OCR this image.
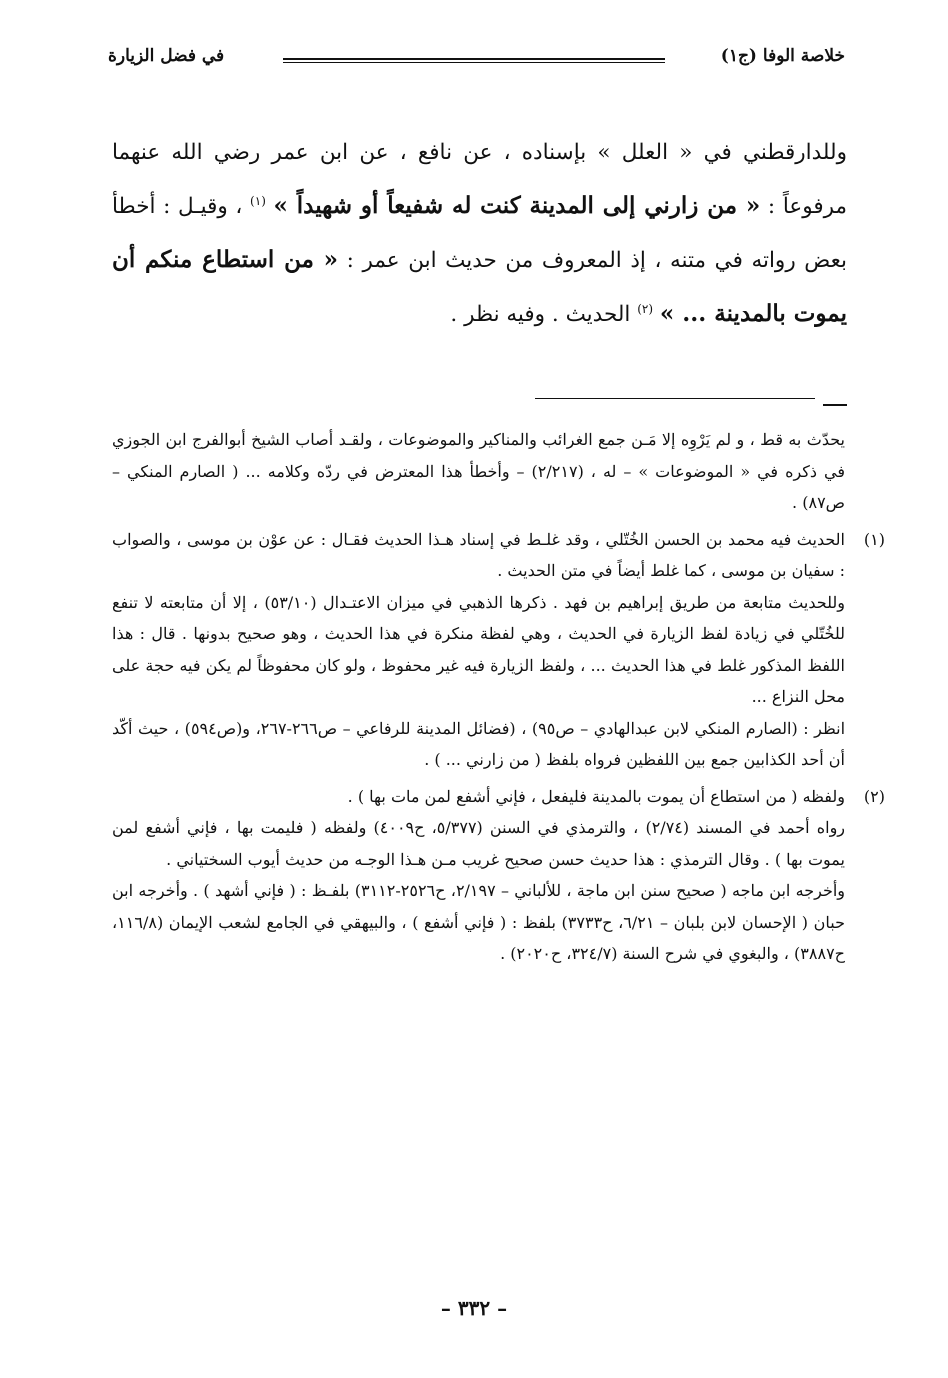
خلاصة الوفا (ج١)
في فضل الزيارة

وللدارقطني في « العلل » بإسناده ، عن نافع ، عن ابن عمر رضي الله عنهما مرفوعاً : « من زارني إلى المدينة كنت له شفيعاً أو شهيداً » $^{(١)}$ ، وقيـل : أخطأ بعض رواته في متنه ، إذ المعروف من حديث ابن عمر : « من استطاع منكم أن يموت بالمدينة ... » $^{(٢)}$ الحديث . وفيه نظر .

يحدّث به قط ، و لم يَرْوِه إلا مَـن جمع الغرائب والمناكير والموضوعات ، ولقـد أصاب الشيخ أبوالفرج ابن الجوزي في ذكره في « الموضوعات » – له ، (٢/٢١٧) – وأخطأ هذا المعترض في ردّه وكلامه ... ( الصارم المنكي – ص٨٧) .

(١)

الحديث فيه محمد بن الحسن الخُتّلي ، وقد غلـط في إسناد هـذا الحديث فقـال : عن عوْن بن موسى ، والصواب : سفيان بن موسى ، كما غلط أيضاً في متن الحديث .

وللحديث متابعة من طريق إبراهيم بن فهد . ذكرها الذهبي في ميزان الاعتـدال (٥٣/١٠) ، إلا أن متابعته لا تنفع للخُتّلي في زيادة لفظ الزيارة في الحديث ، وهي لفظة منكرة في هذا الحديث ، وهو صحيح بدونها . قال : هذا اللفظ المذكور غلط في هذا الحديث ... ، ولفظ الزيارة فيه غير محفوظ ، ولو كان محفوظاً لم يكن فيه حجة على محل النزاع ...

انظر : (الصارم المنكي لابن عبدالهادي – ص٩٥) ، (فضائل المدينة للرفاعي – ص٢٦٦-٢٦٧، و(ص٥٩٤) ، حيث أكّد أن أحد الكذابين جمع بين اللفظين فرواه بلفظ ( من زارني ... ) .

(٢)

ولفظه ( من استطاع أن يموت بالمدينة فليفعل ، فإني أشفع لمن مات بها ) .

رواه أحمد في المسند (٢/٧٤) ، والترمذي في السنن (٥/٣٧٧، ح٤٠٠٩) ولفظه ( فليمت بها ، فإني أشفع لمن يموت بها ) . وقال الترمذي : هذا حديث حسن صحيح غريب مـن هـذا الوجـه من حديث أيوب السختياني .

وأخرجه ابن ماجه ( صحيح سنن ابن ماجة ، للألباني – ٢/١٩٧، ح٢٥٢٦-٣١١٢) بلفـظ : ( فإني أشهد ) . وأخرجه ابن حبان ( الإحسان لابن بلبان – ٦/٢١، ح٣٧٣٣) بلفظ : ( فإني أشفع ) ، والبيهقي في الجامع لشعب الإيمان (١١٦/٨، ح٣٨٨٧) ، والبغوي في شرح السنة (٣٢٤/٧، ح٢٠٢٠) .

– ٣٣٢ –
